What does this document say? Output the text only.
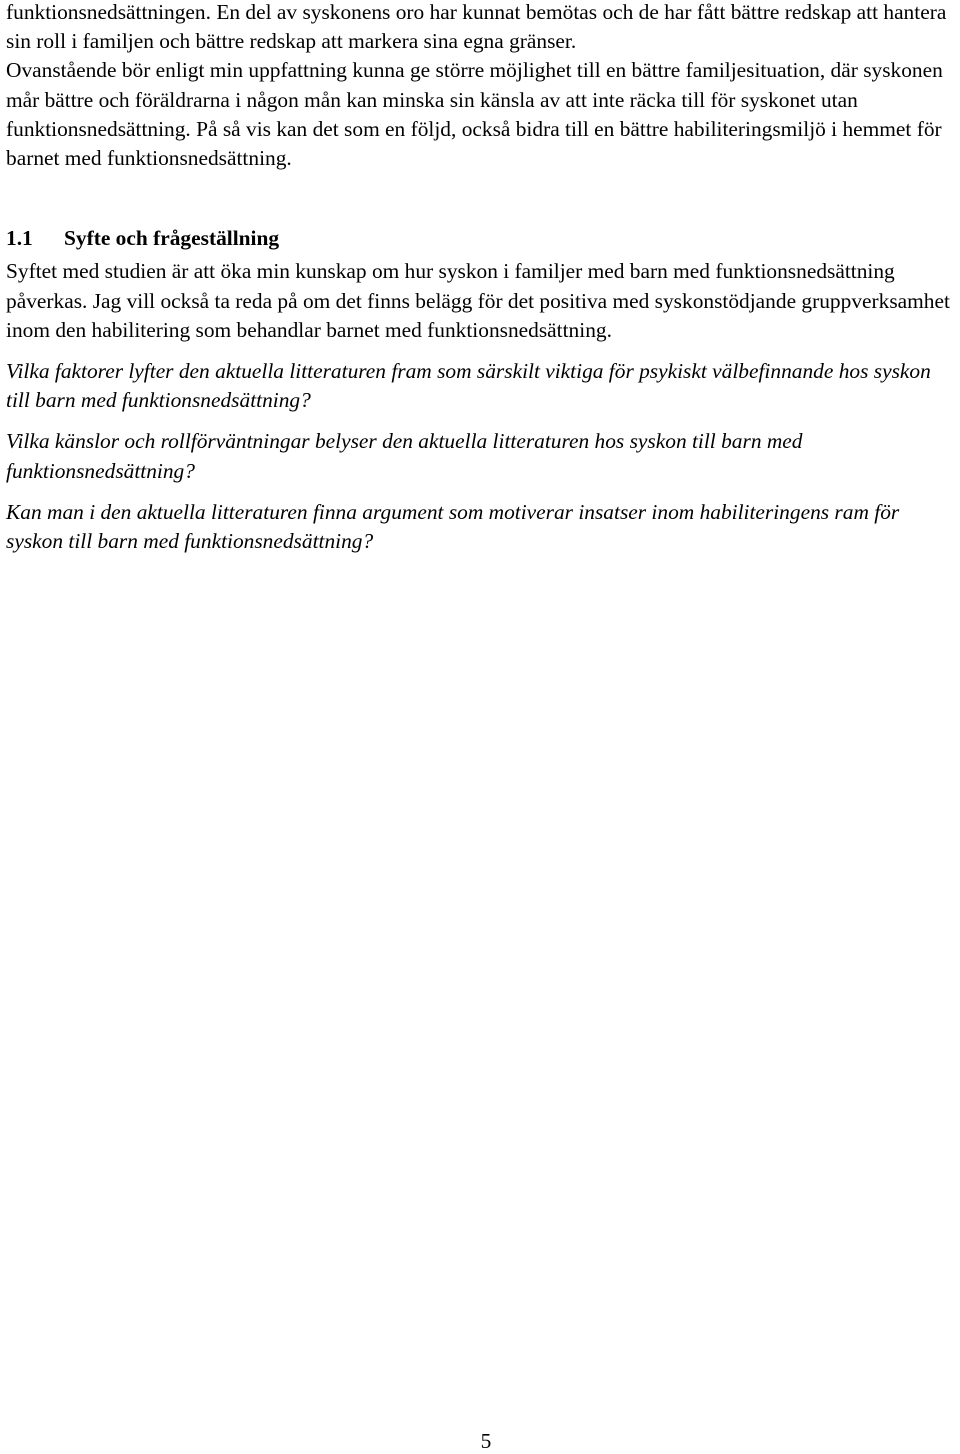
funktionsnedsättningen. En del av syskonens oro har kunnat bemötas och de har fått bättre redskap att hantera sin roll i familjen och bättre redskap att markera sina egna gränser.

Ovanstående bör enligt min uppfattning kunna ge större möjlighet till en bättre familjesituation, där syskonen mår bättre och föräldrarna i någon mån kan minska sin känsla av att inte räcka till för syskonet utan funktionsnedsättning. På så vis kan det som en följd, också bidra till en bättre habiliteringsmiljö i hemmet för barnet med funktionsnedsättning.

1.1 Syfte och frågeställning

Syftet med studien är att öka min kunskap om hur syskon i familjer med barn med funktionsnedsättning påverkas. Jag vill också ta reda på om det finns belägg för det positiva med syskonstödjande gruppverksamhet inom den habilitering som behandlar barnet med funktionsnedsättning.

Vilka faktorer lyfter den aktuella litteraturen fram som särskilt viktiga för psykiskt välbefinnande hos syskon till barn med funktionsnedsättning?

Vilka känslor och rollförväntningar belyser den aktuella litteraturen hos syskon till barn med funktionsnedsättning?

Kan man i den aktuella litteraturen finna argument som motiverar insatser inom habiliteringens ram för syskon till barn med funktionsnedsättning?

5
